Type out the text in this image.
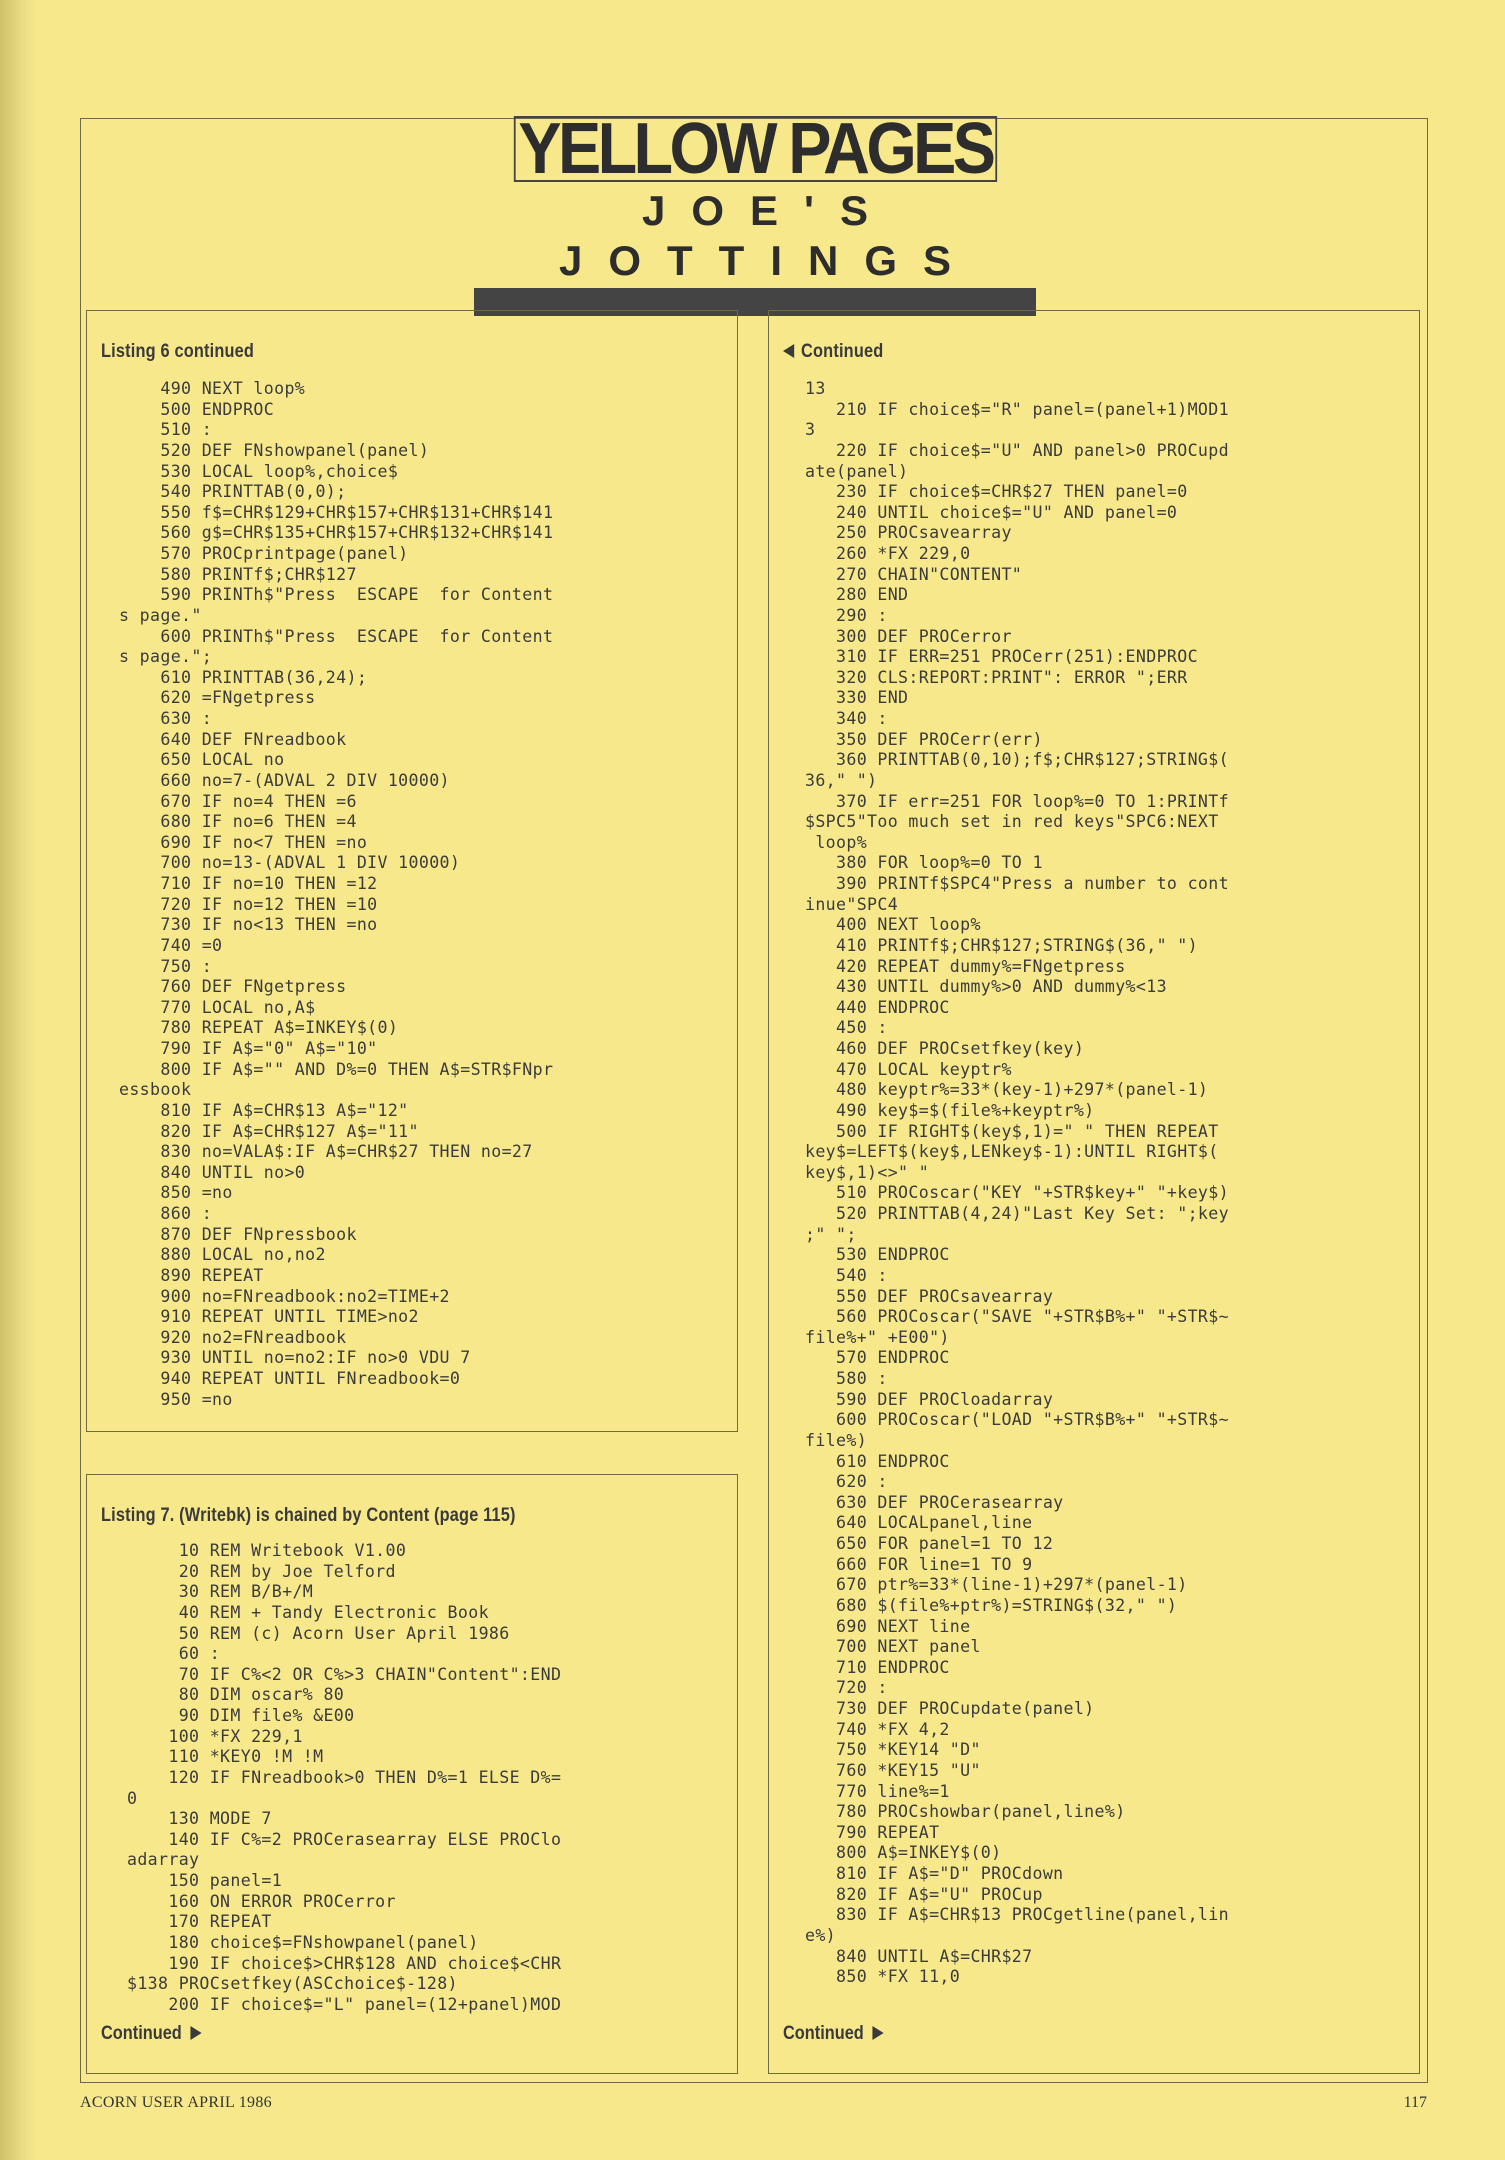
YELLOW PAGES
JOE'S JOTTINGS
Listing 6 continued
490 NEXT loop%
500 ENDPROC
510 :
520 DEF FNshowpanel(panel)
530 LOCAL loop%,choice$
540 PRINTTAB(0,0);
550 f$=CHR$129+CHR$157+CHR$131+CHR$141
560 g$=CHR$135+CHR$157+CHR$132+CHR$141
570 PROCprintpage(panel)
580 PRINTf$;CHR$127
590 PRINTh$"Press  ESCAPE  for Content
s page."
600 PRINTh$"Press  ESCAPE  for Content
s page.";
610 PRINTTAB(36,24);
620 =FNgetpress
630 :
640 DEF FNreadbook
650 LOCAL no
660 no=7-(ADVAL 2 DIV 10000)
670 IF no=4 THEN =6
680 IF no=6 THEN =4
690 IF no<7 THEN =no
700 no=13-(ADVAL 1 DIV 10000)
710 IF no=10 THEN =12
720 IF no=12 THEN =10
730 IF no<13 THEN =no
740 =0
750 :
760 DEF FNgetpress
770 LOCAL no,A$
780 REPEAT A$=INKEY$(0)
790 IF A$="0" A$="10"
800 IF A$="" AND D%=0 THEN A$=STR$FNpr
essbook
810 IF A$=CHR$13 A$="12"
820 IF A$=CHR$127 A$="11"
830 no=VALA$:IF A$=CHR$27 THEN no=27
840 UNTIL no>0
850 =no
860 :
870 DEF FNpressbook
880 LOCAL no,no2
890 REPEAT
900 no=FNreadbook:no2=TIME+2
910 REPEAT UNTIL TIME>no2
920 no2=FNreadbook
930 UNTIL no=no2:IF no>0 VDU 7
940 REPEAT UNTIL FNreadbook=0
950 =no
Listing 7. (Writebk) is chained by Content (page 115)
10 REM Writebook V1.00
20 REM by Joe Telford
30 REM B/B+/M
40 REM + Tandy Electronic Book
50 REM (c) Acorn User April 1986
60 :
70 IF C%<2 OR C%>3 CHAIN"Content":END
80 DIM oscar% 80
90 DIM file% &E00
100 *FX 229,1
110 *KEY0 !M !M
120 IF FNreadbook>0 THEN D%=1 ELSE D%=
0
130 MODE 7
140 IF C%=2 PROCerasearray ELSE PROClo
adarray
150 panel=1
160 ON ERROR PROCerror
170 REPEAT
180 choice$=FNshowpanel(panel)
190 IF choice$>CHR$128 AND choice$<CHR
$138 PROCsetfkey(ASCchoice$-128)
200 IF choice$="L" panel=(12+panel)MOD
Continued
Continued
13
210 IF choice$="R" panel=(panel+1)MOD1
3
220 IF choice$="U" AND panel>0 PROCupd
ate(panel)
230 IF choice$=CHR$27 THEN panel=0
240 UNTIL choice$="U" AND panel=0
250 PROCsavearray
260 *FX 229,0
270 CHAIN"CONTENT"
280 END
290 :
300 DEF PROCerror
310 IF ERR=251 PROCerr(251):ENDPROC
320 CLS:REPORT:PRINT": ERROR ";ERR
330 END
340 :
350 DEF PROCerr(err)
360 PRINTTAB(0,10);f$;CHR$127;STRING$(
36," ")
370 IF err=251 FOR loop%=0 TO 1:PRINTf
$SPC5"Too much set in red keys"SPC6:NEXT
loop%
380 FOR loop%=0 TO 1
390 PRINTf$SPC4"Press a number to cont
inue"SPC4
400 NEXT loop%
410 PRINTf$;CHR$127;STRING$(36," ")
420 REPEAT dummy%=FNgetpress
430 UNTIL dummy%>0 AND dummy%<13
440 ENDPROC
450 :
460 DEF PROCsetfkey(key)
470 LOCAL keyptr%
480 keyptr%=33*(key-1)+297*(panel-1)
490 key$=$(file%+keyptr%)
500 IF RIGHT$(key$,1)=" " THEN REPEAT
key$=LEFT$(key$,LENkey$-1):UNTIL RIGHT$(
key$,1)<>" "
510 PROCoscar("KEY "+STR$key+" "+key$)
520 PRINTTAB(4,24)"Last Key Set: ";key
;" ";
530 ENDPROC
540 :
550 DEF PROCsavearray
560 PROCoscar("SAVE "+STR$B%+" "+STR$~
file%+" +E00")
570 ENDPROC
580 :
590 DEF PROCloadarray
600 PROCoscar("LOAD "+STR$B%+" "+STR$~
file%)
610 ENDPROC
620 :
630 DEF PROCerasearray
640 LOCALpanel,line
650 FOR panel=1 TO 12
660 FOR line=1 TO 9
670 ptr%=33*(line-1)+297*(panel-1)
680 $(file%+ptr%)=STRING$(32," ")
690 NEXT line
700 NEXT panel
710 ENDPROC
720 :
730 DEF PROCupdate(panel)
740 *FX 4,2
750 *KEY14 "D"
760 *KEY15 "U"
770 line%=1
780 PROCshowbar(panel,line%)
790 REPEAT
800 A$=INKEY$(0)
810 IF A$="D" PROCdown
820 IF A$="U" PROCup
830 IF A$=CHR$13 PROCgetline(panel,lin
e%)
840 UNTIL A$=CHR$27
850 *FX 11,0
Continued
ACORN USER APRIL 1986	117
